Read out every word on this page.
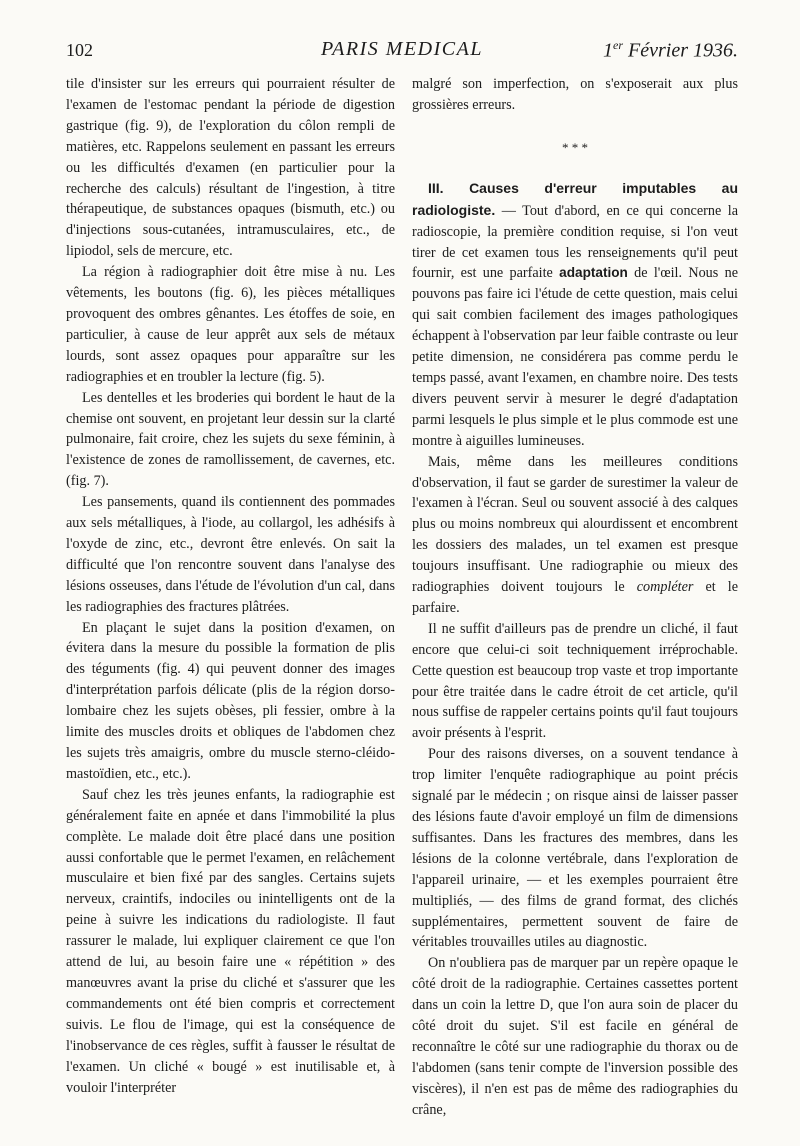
102	PARIS MEDICAL	1er Février 1936.

tile d'insister sur les erreurs qui pourraient résulter de l'examen de l'estomac pendant la période de digestion gastrique (fig. 9), de l'exploration du côlon rempli de matières, etc. Rappelons seulement en passant les erreurs ou les difficultés d'examen (en particulier pour la recherche des calculs) résultant de l'ingestion, à titre thérapeutique, de substances opaques (bismuth, etc.) ou d'injections sous-cutanées, intramusculaires, etc., de lipiodol, sels de mercure, etc.

La région à radiographier doit être mise à nu. Les vêtements, les boutons (fig. 6), les pièces métalliques provoquent des ombres gênantes. Les étoffes de soie, en particulier, à cause de leur apprêt aux sels de métaux lourds, sont assez opaques pour apparaître sur les radiographies et en troubler la lecture (fig. 5).

Les dentelles et les broderies qui bordent le haut de la chemise ont souvent, en projetant leur dessin sur la clarté pulmonaire, fait croire, chez les sujets du sexe féminin, à l'existence de zones de ramollissement, de cavernes, etc. (fig. 7).

Les pansements, quand ils contiennent des pommades aux sels métalliques, à l'iode, au collargol, les adhésifs à l'oxyde de zinc, etc., devront être enlevés. On sait la difficulté que l'on rencontre souvent dans l'analyse des lésions osseuses, dans l'étude de l'évolution d'un cal, dans les radiographies des fractures plâtrées.

En plaçant le sujet dans la position d'examen, on évitera dans la mesure du possible la formation de plis des téguments (fig. 4) qui peuvent donner des images d'interprétation parfois délicate (plis de la région dorso-lombaire chez les sujets obèses, pli fessier, ombre à la limite des muscles droits et obliques de l'abdomen chez les sujets très amaigris, ombre du muscle sterno-cléido-mastoïdien, etc., etc.).

Sauf chez les très jeunes enfants, la radiographie est généralement faite en apnée et dans l'immobilité la plus complète. Le malade doit être placé dans une position aussi confortable que le permet l'examen, en relâchement musculaire et bien fixé par des sangles. Certains sujets nerveux, craintifs, indociles ou inintelligents ont de la peine à suivre les indications du radiologiste. Il faut rassurer le malade, lui expliquer clairement ce que l'on attend de lui, au besoin faire une « répétition » des manœuvres avant la prise du cliché et s'assurer que les commandements ont été bien compris et correctement suivis. Le flou de l'image, qui est la conséquence de l'inobservance de ces règles, suffit à fausser le résultat de l'examen. Un cliché « bougé » est inutilisable et, à vouloir l'interpréter

malgré son imperfection, on s'exposerait aux plus grossières erreurs.

* * *

III. Causes d'erreur imputables au radiologiste. — Tout d'abord, en ce qui concerne la radioscopie, la première condition requise, si l'on veut tirer de cet examen tous les renseignements qu'il peut fournir, est une parfaite adaptation de l'œil. Nous ne pouvons pas faire ici l'étude de cette question, mais celui qui sait combien facilement des images pathologiques échappent à l'observation par leur faible contraste ou leur petite dimension, ne considérera pas comme perdu le temps passé, avant l'examen, en chambre noire. Des tests divers peuvent servir à mesurer le degré d'adaptation parmi lesquels le plus simple et le plus commode est une montre à aiguilles lumineuses.

Mais, même dans les meilleures conditions d'observation, il faut se garder de surestimer la valeur de l'examen à l'écran. Seul ou souvent associé à des calques plus ou moins nombreux qui alourdissent et encombrent les dossiers des malades, un tel examen est presque toujours insuffisant. Une radiographie ou mieux des radiographies doivent toujours le compléter et le parfaire.

Il ne suffit d'ailleurs pas de prendre un cliché, il faut encore que celui-ci soit techniquement irréprochable. Cette question est beaucoup trop vaste et trop importante pour être traitée dans le cadre étroit de cet article, qu'il nous suffise de rappeler certains points qu'il faut toujours avoir présents à l'esprit.

Pour des raisons diverses, on a souvent tendance à trop limiter l'enquête radiographique au point précis signalé par le médecin ; on risque ainsi de laisser passer des lésions faute d'avoir employé un film de dimensions suffisantes. Dans les fractures des membres, dans les lésions de la colonne vertébrale, dans l'exploration de l'appareil urinaire, — et les exemples pourraient être multipliés, — des films de grand format, des clichés supplémentaires, permettent souvent de faire de véritables trouvailles utiles au diagnostic.

On n'oubliera pas de marquer par un repère opaque le côté droit de la radiographie. Certaines cassettes portent dans un coin la lettre D, que l'on aura soin de placer du côté droit du sujet. S'il est facile en général de reconnaître le côté sur une radiographie du thorax ou de l'abdomen (sans tenir compte de l'inversion possible des viscères), il n'en est pas de même des radiographies du crâne,
